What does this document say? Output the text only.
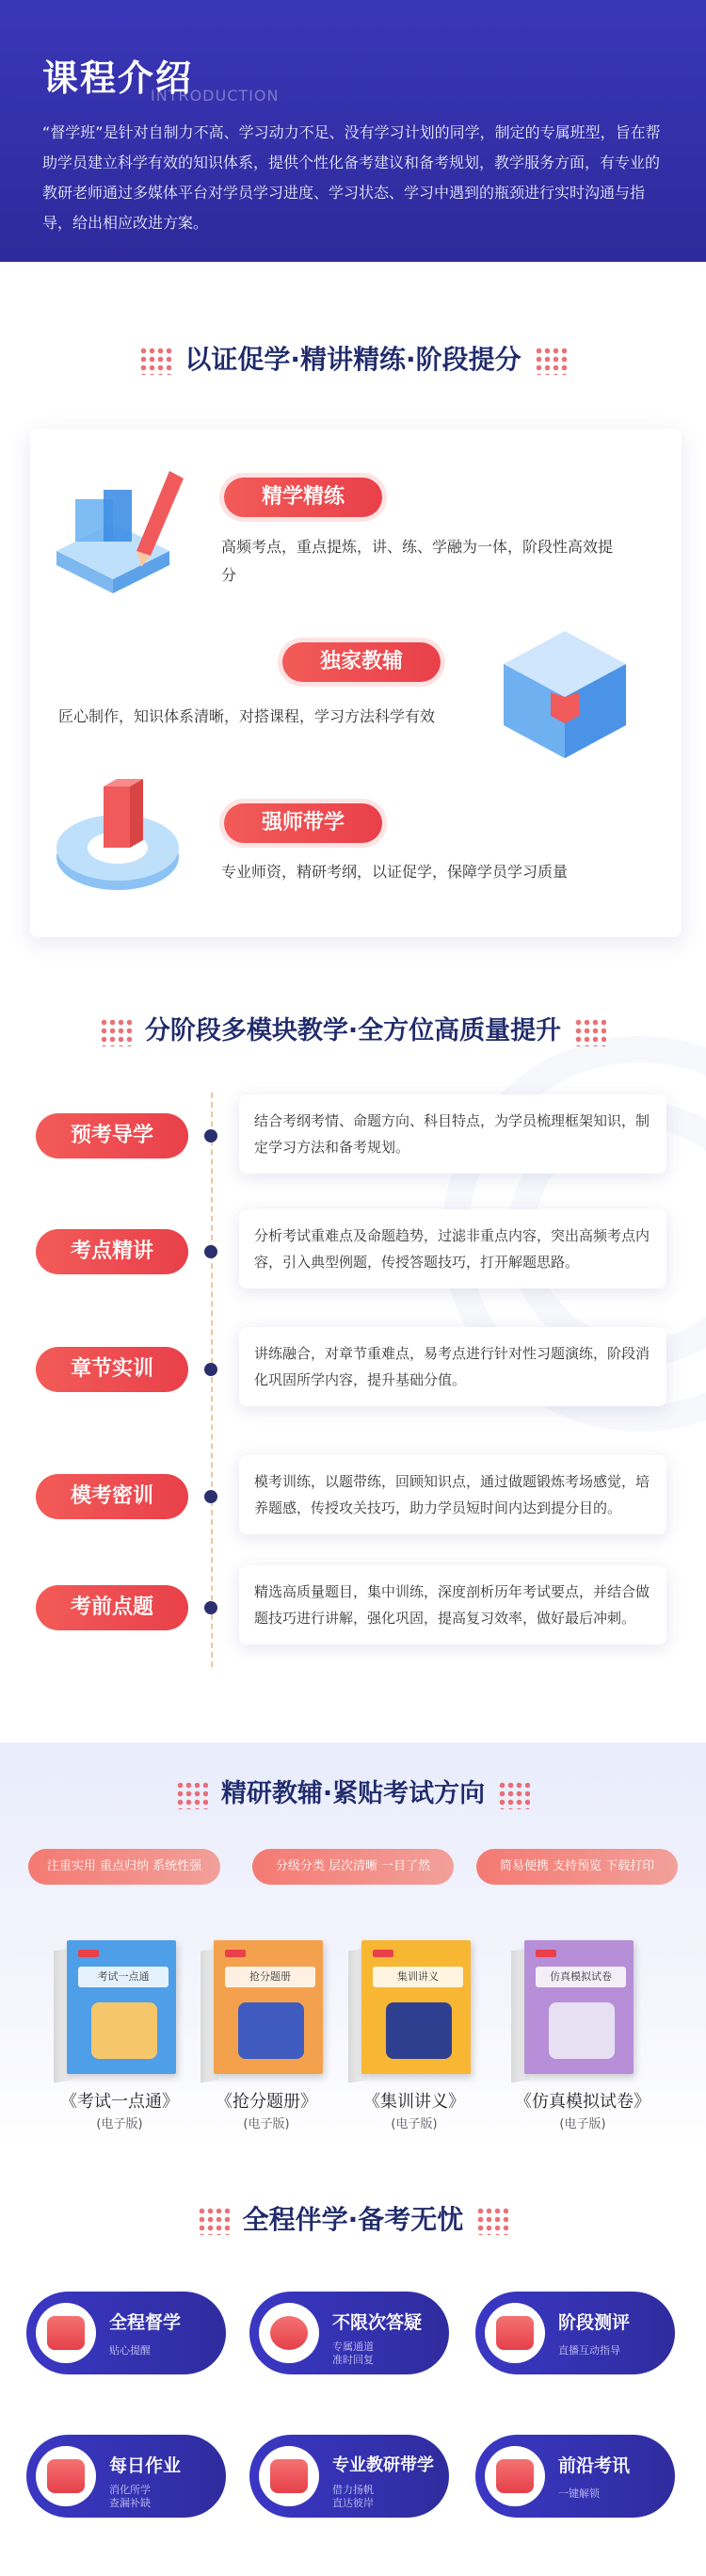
课程介绍
INTRODUCTION
“督学班”是针对自制力不高、学习动力不足、没有学习计划的同学，制定的专属班型，旨在帮助学员建立科学有效的知识体系，提供个性化备考建议和备考规划，教学服务方面，有专业的教研老师通过多媒体平台对学员学习进度、学习状态、学习中遇到的瓶颈进行实时沟通与指导，给出相应改进方案。
以证促学·精讲精练·阶段提分
精学精练
高频考点，重点提炼，讲、练、学融为一体，阶段性高效提分
独家教辅
匠心制作，知识体系清晰，对搭课程，学习方法科学有效
强师带学
专业师资，精研考纲，以证促学，保障学员学习质量
分阶段多模块教学·全方位高质量提升
预考导学
结合考纲考情、命题方向、科目特点，为学员梳理框架知识，制定学习方法和备考规划。
考点精讲
分析考试重难点及命题趋势，过滤非重点内容，突出高频考点内容，引入典型例题，传授答题技巧，打开解题思路。
章节实训
讲练融合，对章节重难点，易考点进行针对性习题演练，阶段消化巩固所学内容，提升基础分值。
模考密训
模考训练，以题带练，回顾知识点，通过做题锻炼考场感觉，培养题感，传授攻关技巧，助力学员短时间内达到提分目的。
考前点题
精选高质量题目，集中训练，深度剖析历年考试要点，并结合做题技巧进行讲解，强化巩固，提高复习效率，做好最后冲刺。
精研教辅·紧贴考试方向
注重实用 重点归纳 系统性强	分级分类 层次清晰 一目了然	简易便携 支持预览 下载打印
考试一点通	抢分题册	集训讲义	仿真模拟试卷
《考试一点通》
(电子版)
《抢分题册》
(电子版)
《集训讲义》
(电子版)
《仿真模拟试卷》
(电子版)
全程伴学·备考无忧
全程督学
贴心提醒
不限次答疑
专属通道
准时回复
阶段测评
直播互动指导
每日作业
消化所学
查漏补缺
专业教研带学
借力扬帆
直达彼岸
前沿考讯
一键解锁
